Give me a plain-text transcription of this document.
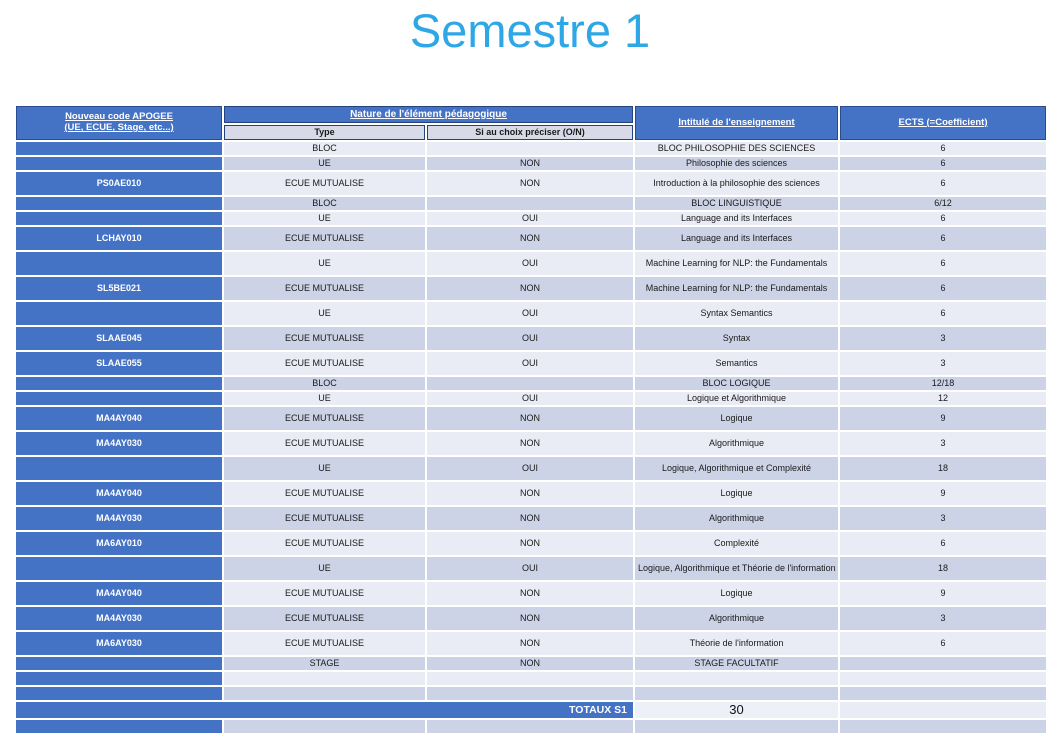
Semestre 1
Nouveau code APOGEE
(UE, ECUE, Stage, etc...)	Nature de l'élément pédagogique		Intitulé de l'enseignement	ECTS (=Coefficient)
	Type	Si au choix préciser (O/N)		
	BLOC		BLOC PHILOSOPHIE DES SCIENCES	6
	UE	NON	Philosophie des sciences	6
PS0AE010	ECUE MUTUALISE	NON	Introduction à la philosophie des sciences	6
	BLOC		BLOC LINGUISTIQUE	6/12
	UE	OUI	Language and its Interfaces	6
LCHAY010	ECUE MUTUALISE	NON	Language and its Interfaces	6
	UE	OUI	Machine Learning for NLP: the Fundamentals	6
SL5BE021	ECUE MUTUALISE	NON	Machine Learning for NLP: the Fundamentals	6
	UE	OUI	Syntax Semantics	6
SLAAE045	ECUE MUTUALISE	OUI	Syntax	3
SLAAE055	ECUE MUTUALISE	OUI	Semantics	3
	BLOC		BLOC LOGIQUE	12/18
	UE	OUI	Logique et Algorithmique	12
MA4AY040	ECUE MUTUALISE	NON	Logique	9
MA4AY030	ECUE MUTUALISE	NON	Algorithmique	3
	UE	OUI	Logique, Algorithmique et Complexité	18
MA4AY040	ECUE MUTUALISE	NON	Logique	9
MA4AY030	ECUE MUTUALISE	NON	Algorithmique	3
MA6AY010	ECUE MUTUALISE	NON	Complexité	6
	UE	OUI	Logique, Algorithmique et Théorie de l'information	18
MA4AY040	ECUE MUTUALISE	NON	Logique	9
MA4AY030	ECUE MUTUALISE	NON	Algorithmique	3
MA6AY030	ECUE MUTUALISE	NON	Théorie de l'information	6
	STAGE	NON	STAGE FACULTATIF	

TOTAUX S1			30	
